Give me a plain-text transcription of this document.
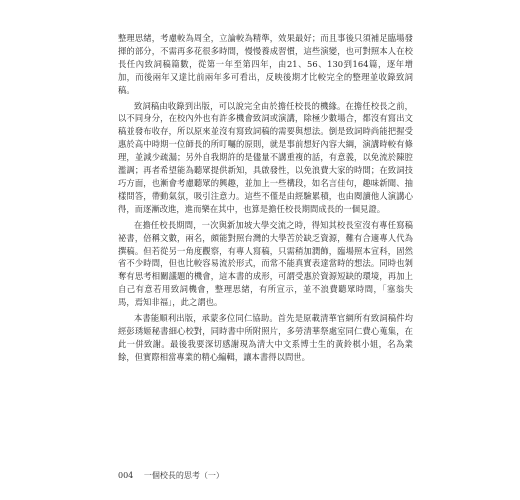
整理思緒，考慮較為周全，立論較為精準，效果最好；而且事後只須補足臨場發揮的部分，不需再多花很多時間，慢慢養成習慣，這些演變，也可對照本人在校長任內致詞稿篇數，從第一年至第四年，由21、56、130到164篇，逐年增加，而後兩年又達比前兩年多可看出，反映後期才比較完全的整理並收錄致詞稿。

致詞稿由收錄到出版，可以說完全由於擔任校長的機緣。在擔任校長之前，以不同身分，在校內外也有許多機會致詞或演講，除極少數場合，都沒有寫出文稿並發布收存，所以原來並沒有寫致詞稿的需要與想法。倒是致詞時尚能把握受惠於高中時期一位師長的所叮囑的原則，就是事前想好內容大綱，演講時較有條理，並減少疏漏；另外自我期許的是儘量不講重複的話，有意義，以免流於陳腔濫調；再者希望能為聽眾提供新知，具啟發性，以免浪費大家的時間；在致詞技巧方面，也漸會考慮聽眾的興趣，並加上一些構段，如名言佳句，趣味新聞、抽樣問答，帶動氣氛，吸引注意力。這些不僅是由經驗累積，也由閱讀他人演講心得，而逐漸改進，進而樂在其中，也算是擔任校長期間成長的一個見證。

在擔任校長期間，一次與新加坡大學交流之時，得知其校長室沒有專任寫稿祕書，倍稱文數，兩名，頗能對照台灣的大學苦於缺乏資源，難有合適專人代為撰稿。但若從另一角度觀察，有專人寫稿，只需稍加潤飾，臨場照本宣科，固然省不少時間，但也比較容易流於形式，而常不能真實表達當時的想法。同時也剝奪有思考相關議題的機會，這本書的成形，可謂受惠於資源短缺的環境，再加上自己有意若用致詞機會，整理思緒，有所宣示，並不浪費聽眾時間，「塞翁失馬，焉知非福」，此之謂也。

本書能順利出版，承蒙多位同仁協助。首先是原載清華官網所有致詞稿件均經彭琇姬秘書細心校對，同時書中所附照片，多勞清華祭處室同仁費心蒐集，在此一併致謝。最後我要深切感謝現為清大中文系博士生的黃鈴棋小姐，名為業餘，但實際相當專業的精心編輯，讓本書得以問世。

004 一個校長的思考（一）
